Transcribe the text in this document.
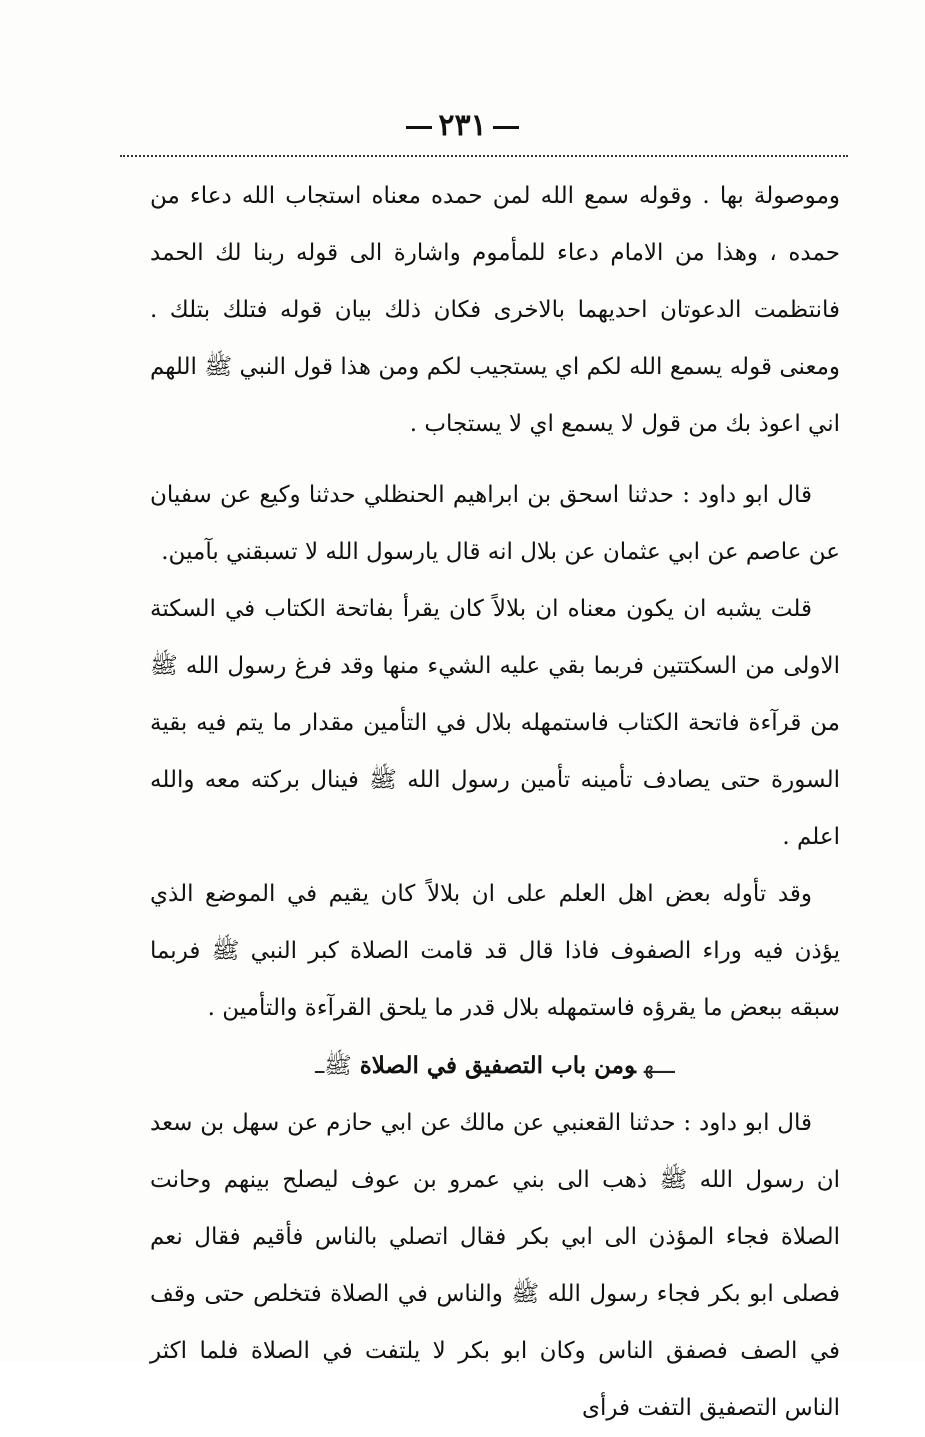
٢٣١

وموصولة بها . وقوله سمع الله لمن حمده معناه استجاب الله دعاء من حمده ، وهذا من الامام دعاء للمأموم واشارة الى قوله ربنا لك الحمد فانتظمت الدعوتان احديهما بالاخرى فكان ذلك بيان قوله فتلك بتلك . ومعنى قوله يسمع الله لكم اي يستجيب لكم ومن هذا قول النبي ﷺ اللهم اني اعوذ بك من قول لا يسمع اي لا يستجاب .

قال ابو داود : حدثنا اسحق بن ابراهيم الحنظلي حدثنا وكيع عن سفيان عن عاصم عن ابي عثمان عن بلال انه قال يارسول الله لا تسبقني بآمين.

قلت يشبه ان يكون معناه ان بلالاً كان يقرأ بفاتحة الكتاب في السكتة الاولى من السكتتين فربما بقي عليه الشيء منها وقد فرغ رسول الله ﷺ من قرآءة فاتحة الكتاب فاستمهله بلال في التأمين مقدار ما يتم فيه بقية السورة حتى يصادف تأمينه تأمين رسول الله ﷺ فينال بركته معه والله اعلم .

وقد تأوله بعض اهل العلم على ان بلالاً كان يقيم في الموضع الذي يؤذن فيه وراء الصفوف فاذا قال قد قامت الصلاة كبر النبي ﷺ فربما سبقه ببعض ما يقرؤه فاستمهله بلال قدر ما يلحق القرآءة والتأمين .

ـــهومن باب التصفيق في الصلاةﷺـــ

قال ابو داود : حدثنا القعنبي عن مالك عن ابي حازم عن سهل بن سعد ان رسول الله ﷺ ذهب الى بني عمرو بن عوف ليصلح بينهم وحانت الصلاة فجاء المؤذن الى ابي بكر فقال اتصلي بالناس فأقيم فقال نعم فصلى ابو بكر فجاء رسول الله ﷺ والناس في الصلاة فتخلص حتى وقف في الصف فصفق الناس وكان ابو بكر لا يلتفت في الصلاة فلما اكثر الناس التصفيق التفت فرأى
